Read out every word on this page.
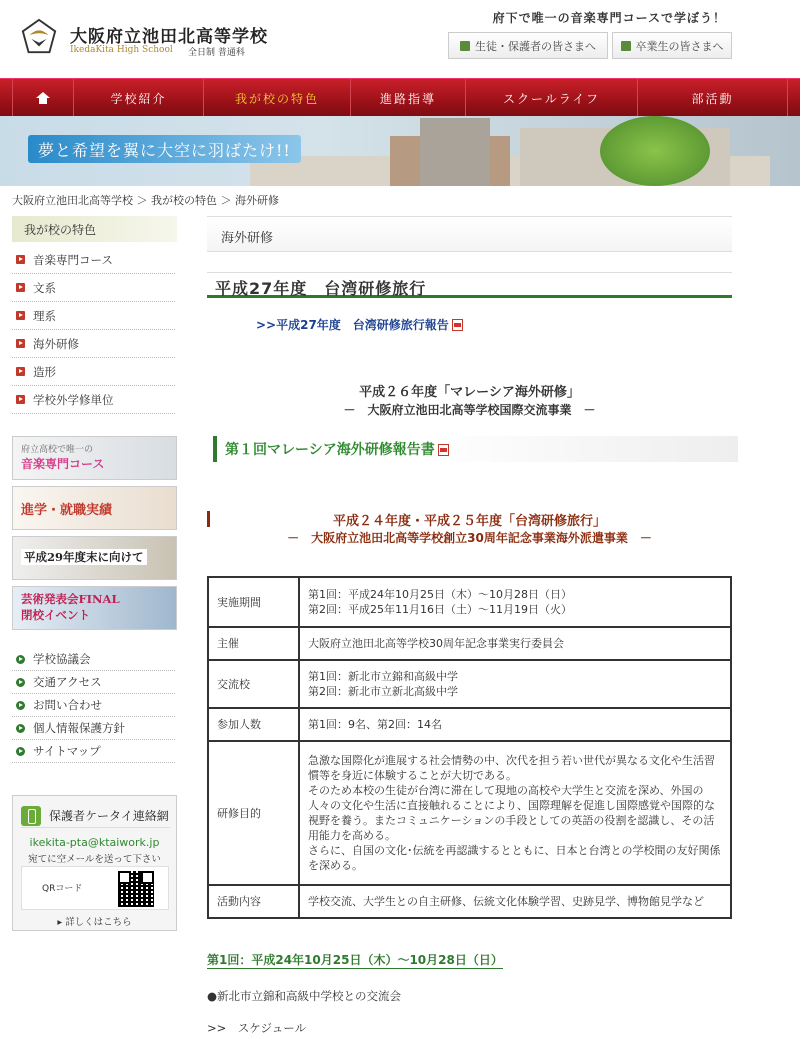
大阪府立池田北高等学校
IkedaKita High School 全日制 普通科
府下で唯一の音楽専門コースで学ぼう！
生徒・保護者の皆さまへ	卒業生の皆さまへ
学校紹介	我が校の特色	進路指導	スクールライフ	部活動
夢と希望を翼に大空に羽ばたけ!!
大阪府立池田北高等学校 ＞ 我が校の特色 ＞ 海外研修
我が校の特色
音楽専門コース
文系
理系
海外研修
造形
学校外学修単位
府立高校で唯一の
音楽専門コース
進学・就職実績
平成29年度末に向けて
芸術発表会FINAL
閉校イベント
学校協議会
交通アクセス
お問い合わせ
個人情報保護方針
サイトマップ
保護者ケータイ連絡網
ikekita-pta@ktaiwork.jp
宛てに空メールを送って下さい
QRコード
▸ 詳しくはこちら
海外研修
平成27年度　台湾研修旅行
>>平成27年度　台湾研修旅行報告
平成２６年度「マレーシア海外研修」
－　大阪府立池田北高等学校国際交流事業　－
第１回マレーシア海外研修報告書
平成２４年度・平成２５年度「台湾研修旅行」
－　大阪府立池田北高等学校創立30周年記念事業海外派遣事業　－
実施期間	第1回：平成24年10月25日（木）～10月28日（日）
第2回：平成25年11月16日（土）～11月19日（火）

主催	大阪府立池田北高等学校30周年記念事業実行委員会
交流校	第1回：新北市立錦和高級中学
第2回：新北市立新北高級中学

参加人数	第1回：9名、第2回：14名
研修目的	急激な国際化が進展する社会情勢の中、次代を担う若い世代が異なる文化や生活習慣等を身近に体験することが大切である。
そのため本校の生徒が台湾に滞在して現地の高校や大学生と交流を深め、外国の人々の文化や生活に直接触れることにより、国際理解を促進し国際感覚や国際的な視野を養う。またコミュニケーションの手段としての英語の役割を認識し、その活用能力を高める。
さらに、自国の文化･伝統を再認識するとともに、日本と台湾との学校間の友好関係を深める。

活動内容	学校交流、大学生との自主研修、伝統文化体験学習、史跡見学、博物館見学など
第1回：平成24年10月25日（木）～10月28日（日）
●新北市立錦和高級中学校との交流会
>>　スケジュール
